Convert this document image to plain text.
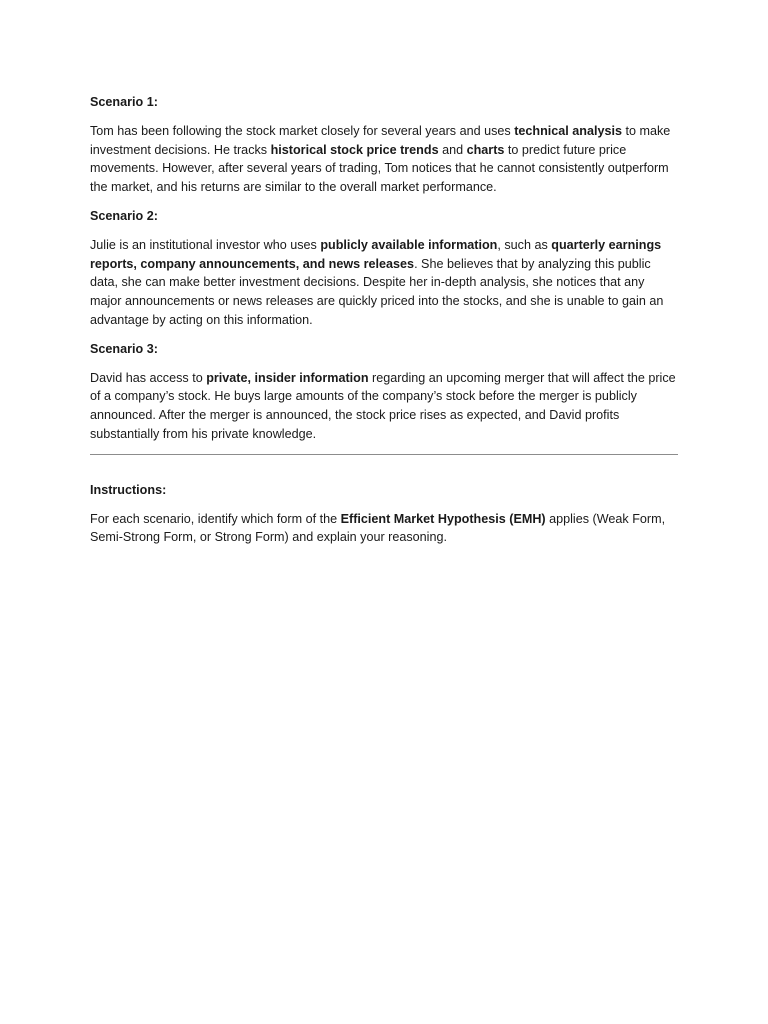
Scenario 1:

Tom has been following the stock market closely for several years and uses technical analysis to make investment decisions. He tracks historical stock price trends and charts to predict future price movements. However, after several years of trading, Tom notices that he cannot consistently outperform the market, and his returns are similar to the overall market performance.

Scenario 2:

Julie is an institutional investor who uses publicly available information, such as quarterly earnings reports, company announcements, and news releases. She believes that by analyzing this public data, she can make better investment decisions. Despite her in-depth analysis, she notices that any major announcements or news releases are quickly priced into the stocks, and she is unable to gain an advantage by acting on this information.

Scenario 3:

David has access to private, insider information regarding an upcoming merger that will affect the price of a company’s stock. He buys large amounts of the company’s stock before the merger is publicly announced. After the merger is announced, the stock price rises as expected, and David profits substantially from his private knowledge.

Instructions:

For each scenario, identify which form of the Efficient Market Hypothesis (EMH) applies (Weak Form, Semi-Strong Form, or Strong Form) and explain your reasoning.
